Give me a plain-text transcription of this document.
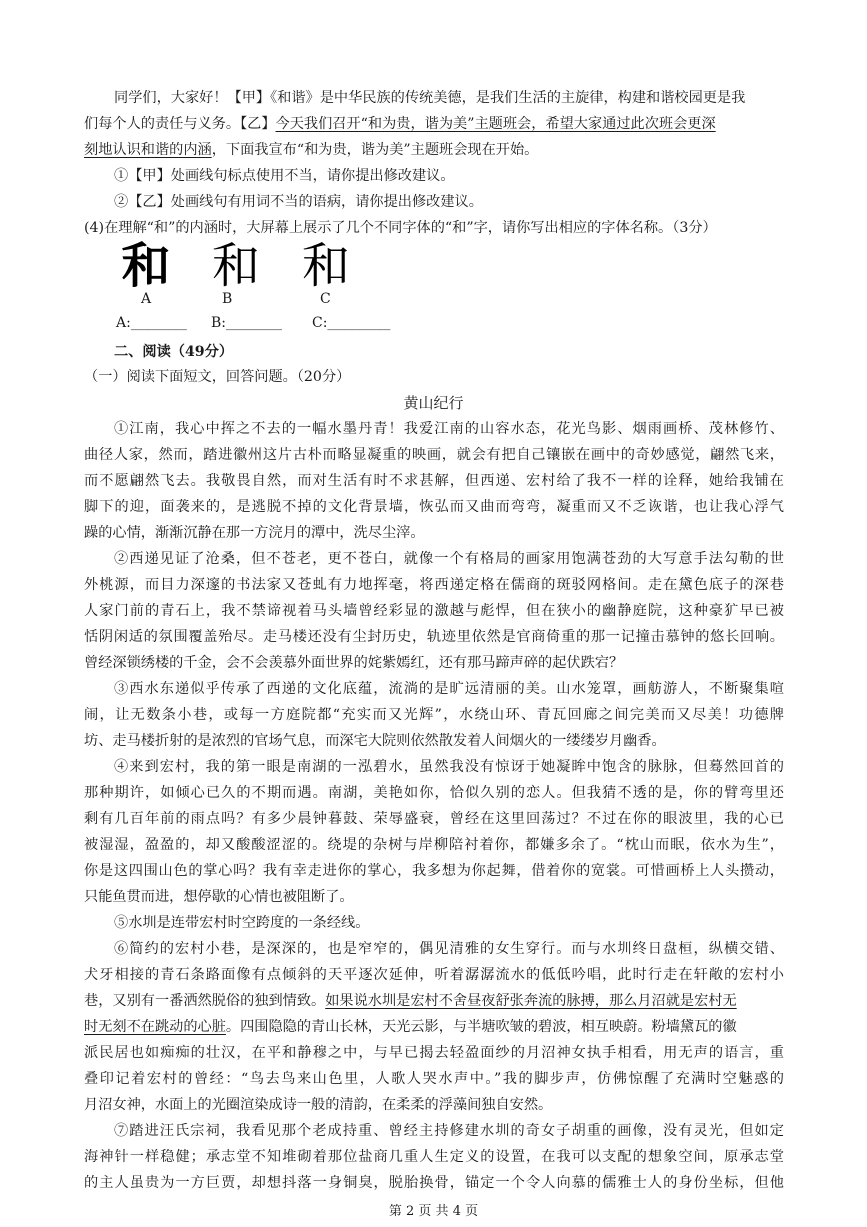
同学们，大家好！【甲】《和谐》是中华民族的传统美德，是我们生活的主旋律，构建和谐校园更是我
们每个人的责任与义务。【乙】今天我们召开“和为贵，谐为美”主题班会，希望大家通过此次班会更深
刻地认识和谐的内涵，下面我宣布“和为贵，谐为美”主题班会现在开始。
①【甲】处画线句标点使用不当，请你提出修改建议。
②【乙】处画线句有用词不当的语病，请你提出修改建议。
(4)在理解“和”的内涵时，大屏幕上展示了几个不同字体的“和”字，请你写出相应的字体名称。（3分）
和 和 和
A	B	C
A:________ B:________ C:_________
二、阅读（49分）
（一）阅读下面短文，回答问题。（20分）
黄山纪行
①江南，我心中挥之不去的一幅水墨丹青！我爱江南的山容水态，花光鸟影、烟雨画桥、茂林修竹、
曲径人家，然而，踏进徽州这片古朴而略显凝重的映画，就会有把自己镶嵌在画中的奇妙感觉，翩然飞来，
而不愿翩然飞去。我敬畏自然，而对生活有时不求甚解，但西递、宏村给了我不一样的诠释，她给我铺在
脚下的迎，面袭来的，是逃脱不掉的文化背景墙，恢弘而又曲而弯弯，凝重而又不乏诙谐，也让我心浮气
躁的心情，渐渐沉静在那一方浣月的潭中，洗尽尘滓。
②西递见证了沧桑，但不苍老，更不苍白，就像一个有格局的画家用饱满苍劲的大写意手法勾勒的世
外桃源，而目力深邃的书法家又苍虬有力地挥毫，将西递定格在儒商的斑驳网格间。走在黛色底子的深巷
人家门前的青石上，我不禁谛视着马头墙曾经彩显的激越与彪悍，但在狭小的幽静庭院，这种豪犷早已被
恬阴闲适的氛围覆盖殆尽。走马楼还没有尘封历史，轨迹里依然是官商倚重的那一记撞击慕钟的悠长回响。
曾经深锁绣楼的千金，会不会羡慕外面世界的姹紫嫣红，还有那马蹄声碎的起伏跌宕？
③西水东递似乎传承了西递的文化底蕴，流淌的是旷远清丽的美。山水笼罩，画舫游人，不断聚集喧
闹，让无数条小巷，或每一方庭院都“充实而又光辉”，水绕山环、青瓦回廊之间完美而又尽美！功德牌
坊、走马楼折射的是浓烈的官场气息，而深宅大院则依然散发着人间烟火的一缕缕岁月幽香。
④来到宏村，我的第一眼是南湖的一泓碧水，虽然我没有惊讶于她凝眸中饱含的脉脉，但蓦然回首的
那种期许，如倾心已久的不期而遇。南湖，美艳如你，恰似久别的恋人。但我猜不透的是，你的臂弯里还
剩有几百年前的雨点吗？有多少晨钟暮鼓、荣辱盛衰，曾经在这里回荡过？不过在你的眼波里，我的心已
被湿湿，盈盈的，却又酸酸涩涩的。绕堤的杂树与岸柳陪衬着你，都嫌多余了。“枕山而眠，依水为生”，
你是这四围山色的掌心吗？我有幸走进你的掌心，我多想为你起舞，借着你的宽裳。可惜画桥上人头攒动，
只能鱼贯而进，想停歇的心情也被阻断了。
⑤水圳是连带宏村时空跨度的一条经线。
⑥简约的宏村小巷，是深深的，也是窄窄的，偶见清雅的女生穿行。而与水圳终日盘桓，纵横交错、
犬牙相接的青石条路面像有点倾斜的天平逐次延伸，听着潺潺流水的低低吟唱，此时行走在轩敞的宏村小
巷，又别有一番洒然脱俗的独到情致。如果说水圳是宏村不舍昼夜舒张奔流的脉搏，那么月沼就是宏村无
时无刻不在跳动的心脏。四围隐隐的青山长林，天光云影，与半塘吹皱的碧波，相互映蔚。粉墙黛瓦的徽
派民居也如痴痴的壮汉，在平和静穆之中，与早已揭去轻盈面纱的月沼神女执手相看，用无声的语言，重
叠印记着宏村的曾经：“鸟去鸟来山色里，人歌人哭水声中。”我的脚步声，仿佛惊醒了充满时空魅惑的
月沼女神，水面上的光圈渲染成诗一般的清韵，在柔柔的浮藻间独自安然。
⑦踏进汪氏宗祠，我看见那个老成持重、曾经主持修建水圳的奇女子胡重的画像，没有灵光，但如定
海神针一样稳健；承志堂不知堆砌着那位盐商几重人生定义的设置，在我可以支配的想象空间，原承志堂
第 2 页 共 4 页
的主人虽贵为一方巨贾，却想抖落一身铜臭，脱胎换骨，锚定一个令人向慕的儒雅士人的身份坐标，但他
